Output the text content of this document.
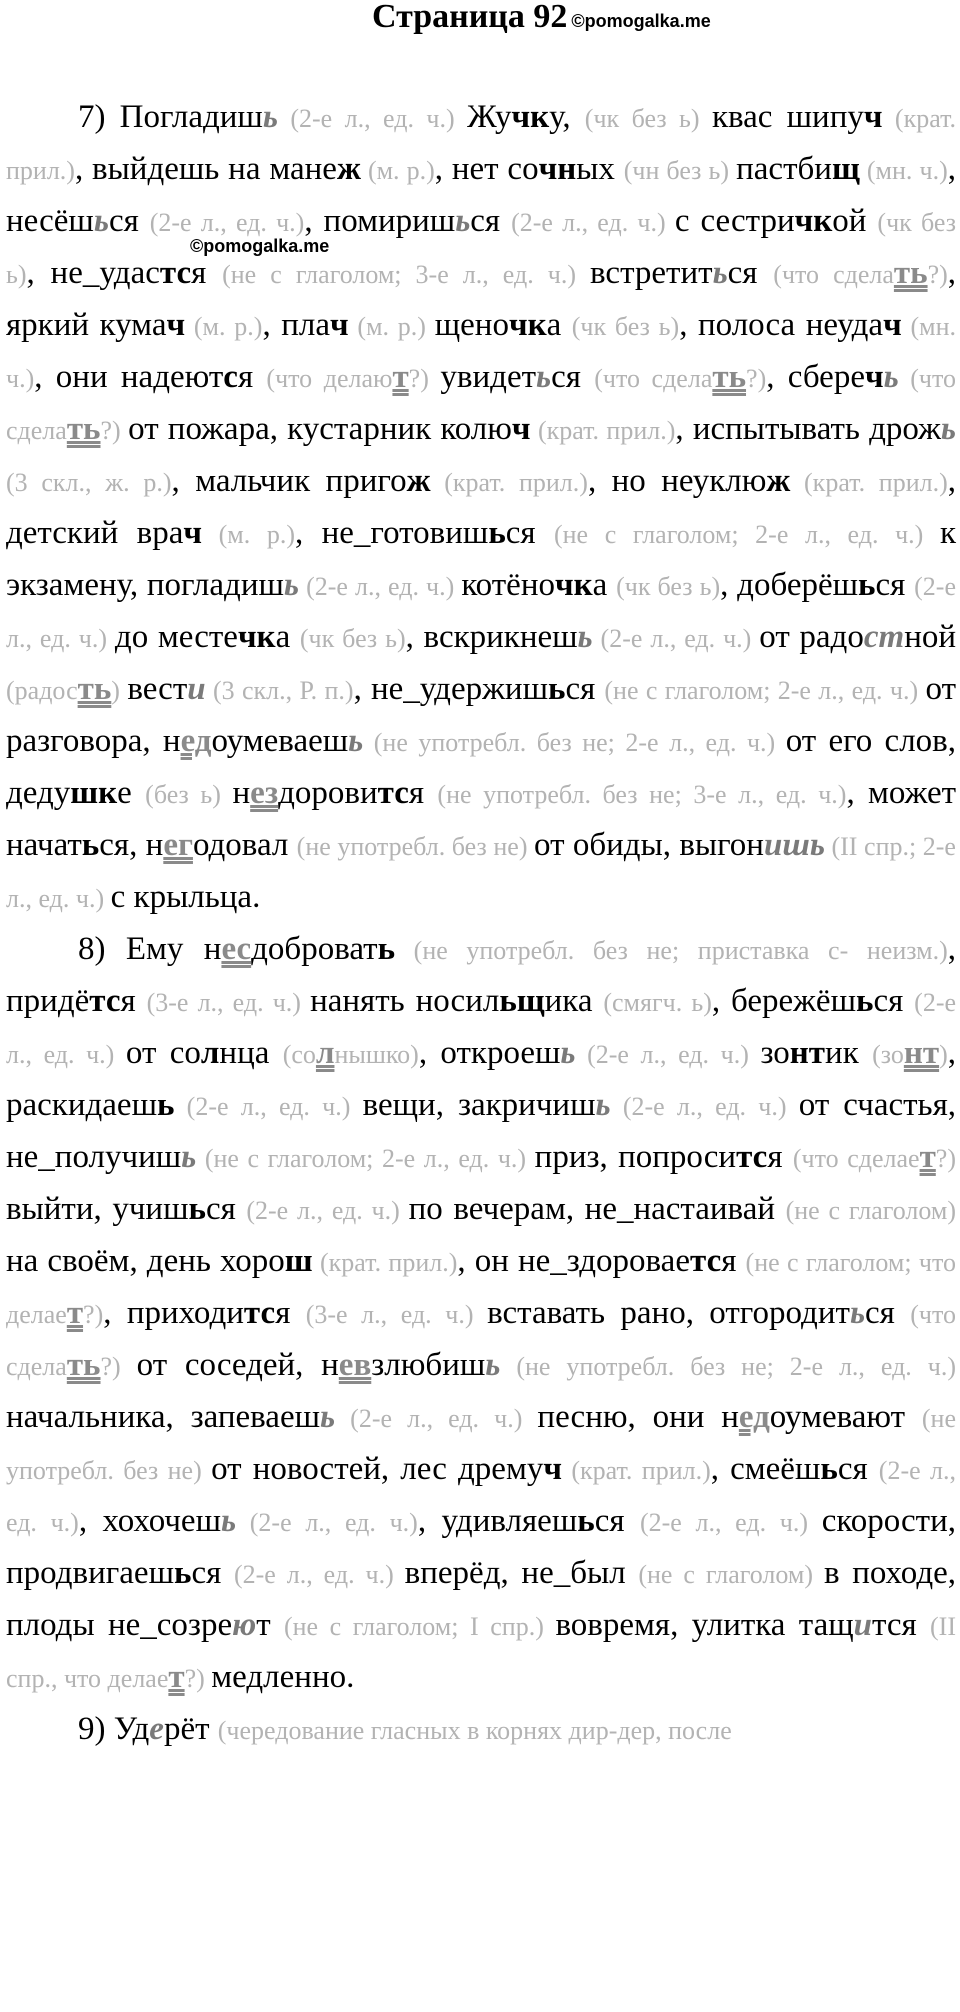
Страница 92 ©pomogalka.me
©pomogalka.me

7) Погладишь (2-е л., ед. ч.) Жучку, (чк без ь) квас шипуч (крат. прил.), выйдешь на манеж (м. р.), нет сочных (чн без ь) пастбищ (мн. ч.), несёшься (2-е л., ед. ч.), помиришься (2-е л., ед. ч.) с сестричкой (чк без ь), не_удастся (не с глаголом; 3-е л., ед. ч.) встретиться (что сделать?), яркий кумач (м. р.), плач (м. р.) щеночка (чк без ь), полоса неудач (мн. ч.), они надеются (что делают?) увидеться (что сделать?), сберечь (что сделать?) от пожара, кустарник колюч (крат. прил.), испытывать дрожь (3 скл., ж. р.), мальчик пригож (крат. прил.), но неуклюж (крат. прил.), детский врач (м. р.), не_готовишься (не с глаголом; 2-е л., ед. ч.) к экзамену, погладишь (2-е л., ед. ч.) котёночка (чк без ь), доберёшься (2-е л., ед. ч.) до местечка (чк без ь), вскрикнешь (2-е л., ед. ч.) от радостной (радость) вести (3 скл., Р. п.), не_удержишься (не с глаголом; 2-е л., ед. ч.) от разговора, недоумеваешь (не употребл. без не; 2-е л., ед. ч.) от его слов, дедушке (без ь) нездоровится (не употребл. без не; 3-е л., ед. ч.), может начаться, негодовал (не употребл. без не) от обиды, выгонишь (II спр.; 2-е л., ед. ч.) с крыльца.

8) Ему несдобровать (не употребл. без не; приставка с- неизм.), придётся (3-е л., ед. ч.) нанять носильщика (смягч. ь), бережёшься (2-е л., ед. ч.) от солнца (солнышко), откроешь (2-е л., ед. ч.) зонтик (зонт), раскидаешь (2-е л., ед. ч.) вещи, закричишь (2-е л., ед. ч.) от счастья, не_получишь (не с глаголом; 2-е л., ед. ч.) приз, попросится (что сделает?) выйти, учишься (2-е л., ед. ч.) по вечерам, не_настаивай (не с глаголом) на своём, день хорош (крат. прил.), он не_здоровается (не с глаголом; что делает?), приходится (3-е л., ед. ч.) вставать рано, отгородиться (что сделать?) от соседей, невзлюбишь (не употребл. без не; 2-е л., ед. ч.) начальника, запеваешь (2-е л., ед. ч.) песню, они недоумевают (не употребл. без не) от новостей, лес дремуч (крат. прил.), смеёшься (2-е л., ед. ч.), хохочешь (2-е л., ед. ч.), удивляешься (2-е л., ед. ч.) скорости, продвигаешься (2-е л., ед. ч.) вперёд, не_был (не с глаголом) в походе, плоды не_созреют (не с глаголом; I спр.) вовремя, улитка тащится (II спр., что делает?) медленно.

9) Удерёт (чередование гласных в корнях дир-дер, после
